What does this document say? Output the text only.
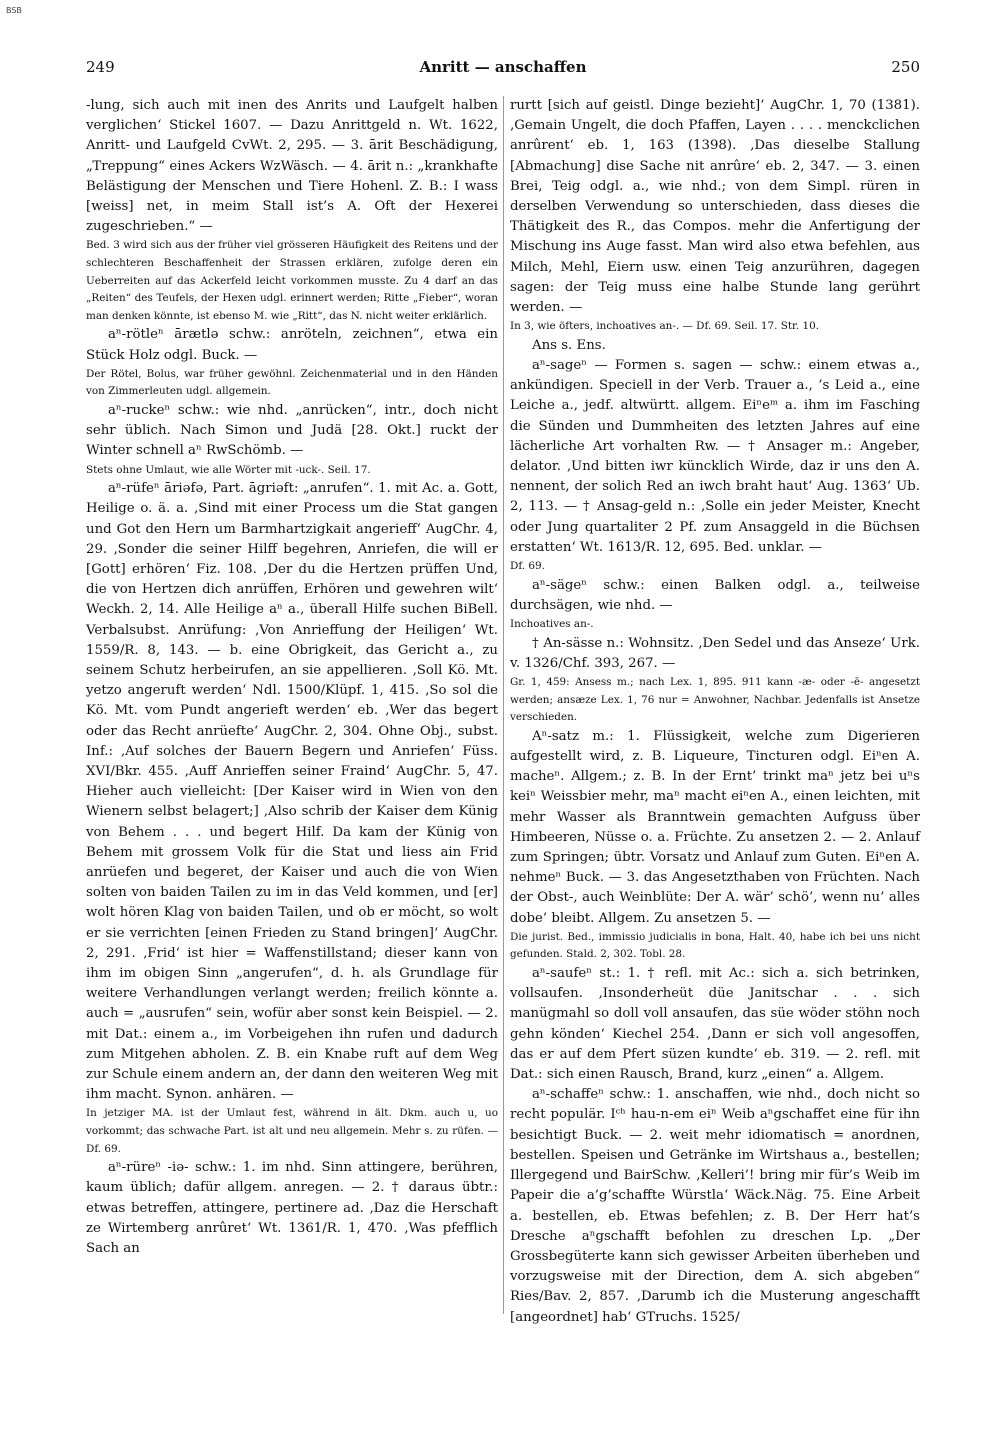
BSB
249	Anritt — anschaffen	250

-lung, sich auch mit inen des Anrits und Laufgelt halben verglichen‘ Stickel 1607. — Dazu Anrittgeld n. Wt. 1622, Anritt- und Laufgeld CvWt. 2, 295. — 3. ārit Beschädigung, „Treppung“ eines Ackers WzWäsch. — 4. ārit n.: „krankhafte Belästigung der Menschen und Tiere Hohenl. Z. B.: I wass [weiss] net, in meim Stall ist’s A. Oft der Hexerei zugeschrieben.“ —

Bed. 3 wird sich aus der früher viel grösseren Häufigkeit des Reitens und der schlechteren Beschaffenheit der Strassen erklären, zufolge deren ein Ueberreiten auf das Ackerfeld leicht vorkommen musste. Zu 4 darf an das „Reiten“ des Teufels, der Hexen udgl. erinnert werden; Ritte „Fieber“, woran man denken könnte, ist ebenso M. wie „Ritt“, das N. nicht weiter erklärlich.

aⁿ-rötleⁿ ārætlə schw.: anröteln, zeichnen“, etwa ein Stück Holz odgl. Buck. —

Der Rötel, Bolus, war früher gewöhnl. Zeichenmaterial und in den Händen von Zimmerleuten udgl. allgemein.

aⁿ-ruckeⁿ schw.: wie nhd. „anrücken“, intr., doch nicht sehr üblich. Nach Simon und Judä [28. Okt.] ruckt der Winter schnell aⁿ RwSchömb. —

Stets ohne Umlaut, wie alle Wörter mit -uck-. Seil. 17.

aⁿ-rüfeⁿ āriəfə, Part. āgriəft: „anrufen“. 1. mit Ac. a. Gott, Heilige o. ä. a. ‚Sind mit einer Process um die Stat gangen und Got den Hern um Barmhartzigkait angerieff‘ AugChr. 4, 29. ‚Sonder die seiner Hilff begehren, Anriefen, die will er [Gott] erhören‘ Fiz. 108. ‚Der du die Hertzen prüffen Und, die von Hertzen dich anrüffen, Erhören und gewehren wilt‘ Weckh. 2, 14. Alle Heilige aⁿ a., überall Hilfe suchen BiBell. Verbalsubst. Anrüfung: ‚Von Anrieffung der Heiligen‘ Wt. 1559/R. 8, 143. — b. eine Obrigkeit, das Gericht a., zu seinem Schutz herbeirufen, an sie appellieren. ‚Soll Kö. Mt. yetzo angeruft werden‘ Ndl. 1500/Klüpf. 1, 415. ‚So sol die Kö. Mt. vom Pundt angerieft werden‘ eb. ‚Wer das begert oder das Recht anrüefte‘ AugChr. 2, 304. Ohne Obj., subst. Inf.: ‚Auf solches der Bauern Begern und Anriefen‘ Füss. XVI/Bkr. 455. ‚Auff Anrieffen seiner Fraind‘ AugChr. 5, 47. Hieher auch vielleicht: [Der Kaiser wird in Wien von den Wienern selbst belagert;] ‚Also schrib der Kaiser dem Künig von Behem . . . und begert Hilf. Da kam der Künig von Behem mit grossem Volk für die Stat und liess ain Frid anrüefen und begeret, der Kaiser und auch die von Wien solten von baiden Tailen zu im in das Veld kommen, und [er] wolt hören Klag von baiden Tailen, und ob er möcht, so wolt er sie verrichten [einen Frieden zu Stand bringen]‘ AugChr. 2, 291. ‚Frid‘ ist hier = Waffenstillstand; dieser kann von ihm im obigen Sinn „angerufen“, d. h. als Grundlage für weitere Verhandlungen verlangt werden; freilich könnte a. auch = „ausrufen“ sein, wofür aber sonst kein Beispiel. — 2. mit Dat.: einem a., im Vorbeigehen ihn rufen und dadurch zum Mitgehen abholen. Z. B. ein Knabe ruft auf dem Weg zur Schule einem andern an, der dann den weiteren Weg mit ihm macht. Synon. anhären. —

In jetziger MA. ist der Umlaut fest, während in ält. Dkm. auch u, uo vorkommt; das schwache Part. ist alt und neu allgemein. Mehr s. zu rüfen. — Df. 69.

aⁿ-rüreⁿ -iə- schw.: 1. im nhd. Sinn attingere, berühren, kaum üblich; dafür allgem. anregen. — 2. † daraus übtr.: etwas betreffen, attingere, pertinere ad. ‚Daz die Herschaft ze Wirtemberg anrûret‘ Wt. 1361/R. 1, 470. ‚Was pfefflich Sach an

rurtt [sich auf geistl. Dinge bezieht]‘ AugChr. 1, 70 (1381). ‚Gemain Ungelt, die doch Pfaffen, Layen . . . . menckclichen anrûrent‘ eb. 1, 163 (1398). ‚Das dieselbe Stallung [Abmachung] dise Sache nit anrûre‘ eb. 2, 347. — 3. einen Brei, Teig odgl. a., wie nhd.; von dem Simpl. rüren in derselben Verwendung so unterschieden, dass dieses die Thätigkeit des R., das Compos. mehr die Anfertigung der Mischung ins Auge fasst. Man wird also etwa befehlen, aus Milch, Mehl, Eiern usw. einen Teig anzurühren, dagegen sagen: der Teig muss eine halbe Stunde lang gerührt werden. —

In 3, wie öfters, inchoatives an-. — Df. 69. Seil. 17. Str. 10.

Ans s. Ens.

aⁿ-sageⁿ — Formen s. sagen — schw.: einem etwas a., ankündigen. Speciell in der Verb. Trauer a., ’s Leid a., eine Leiche a., jedf. altwürtt. allgem. Eiⁿeᵐ a. ihm im Fasching die Sünden und Dummheiten des letzten Jahres auf eine lächerliche Art vorhalten Rw. — † Ansager m.: Angeber, delator. ‚Und bitten iwr küncklich Wirde, daz ir uns den A. nennent, der solich Red an iwch braht haut‘ Aug. 1363‘ Ub. 2, 113. — † Ansag-geld n.: ‚Solle ein jeder Meister, Knecht oder Jung quartaliter 2 Pf. zum Ansaggeld in die Büchsen erstatten‘ Wt. 1613/R. 12, 695. Bed. unklar. —

Df. 69.

aⁿ-sägeⁿ schw.: einen Balken odgl. a., teilweise durchsägen, wie nhd. —

Inchoatives an-.

† An-sässe n.: Wohnsitz. ‚Den Sedel und das Anseze‘ Urk. v. 1326/Chf. 393, 267. —

Gr. 1, 459: Ansess m.; nach Lex. 1, 895. 911 kann -æ- oder -ē- angesetzt werden; ansæze Lex. 1, 76 nur = Anwohner, Nachbar. Jedenfalls ist Ansetze verschieden.

Aⁿ-satz m.: 1. Flüssigkeit, welche zum Digerieren aufgestellt wird, z. B. Liqueure, Tincturen odgl. Eiⁿen A. macheⁿ. Allgem.; z. B. In der Ernt’ trinkt maⁿ jetz bei uⁿs keiⁿ Weissbier mehr, maⁿ macht eiⁿen A., einen leichten, mit mehr Wasser als Branntwein gemachten Aufguss über Himbeeren, Nüsse o. a. Früchte. Zu ansetzen 2. — 2. Anlauf zum Springen; übtr. Vorsatz und Anlauf zum Guten. Eiⁿen A. nehmeⁿ Buck. — 3. das Angesetzthaben von Früchten. Nach der Obst-, auch Weinblüte: Der A. wär’ schö’, wenn nu’ alles dobe’ bleibt. Allgem. Zu ansetzen 5. —

Die jurist. Bed., immissio judicialis in bona, Halt. 40, habe ich bei uns nicht gefunden. Stald. 2, 302. Tobl. 28.

aⁿ-saufeⁿ st.: 1. † refl. mit Ac.: sich a. sich betrinken, vollsaufen. ‚Insonderheüt düe Janitschar . . . sich manügmahl so doll voll ansaufen, das süe wöder stöhn noch gehn könden‘ Kiechel 254. ‚Dann er sich voll angesoffen, das er auf dem Pfert süzen kundte‘ eb. 319. — 2. refl. mit Dat.: sich einen Rausch, Brand, kurz „einen“ a. Allgem.

aⁿ-schaffeⁿ schw.: 1. anschaffen, wie nhd., doch nicht so recht populär. Iᶜʰ hau-n-em eiⁿ Weib aⁿgschaffet eine für ihn besichtigt Buck. — 2. weit mehr idiomatisch = anordnen, bestellen. Speisen und Getränke im Wirtshaus a., bestellen; Illergegend und BairSchw. ‚Kelleri’! bring mir für’s Weib im Papeir die a’g’schaffte Würstla‘ Wäck.Näg. 75. Eine Arbeit a. bestellen, eb. Etwas befehlen; z. B. Der Herr hat’s Dresche aⁿgschafft befohlen zu dreschen Lp. „Der Grossbegüterte kann sich gewisser Arbeiten überheben und vorzugsweise mit der Direction, dem A. sich abgeben“ Ries/Bav. 2, 857. ‚Darumb ich die Musterung angeschafft [angeordnet] hab‘ GTruchs. 1525/
